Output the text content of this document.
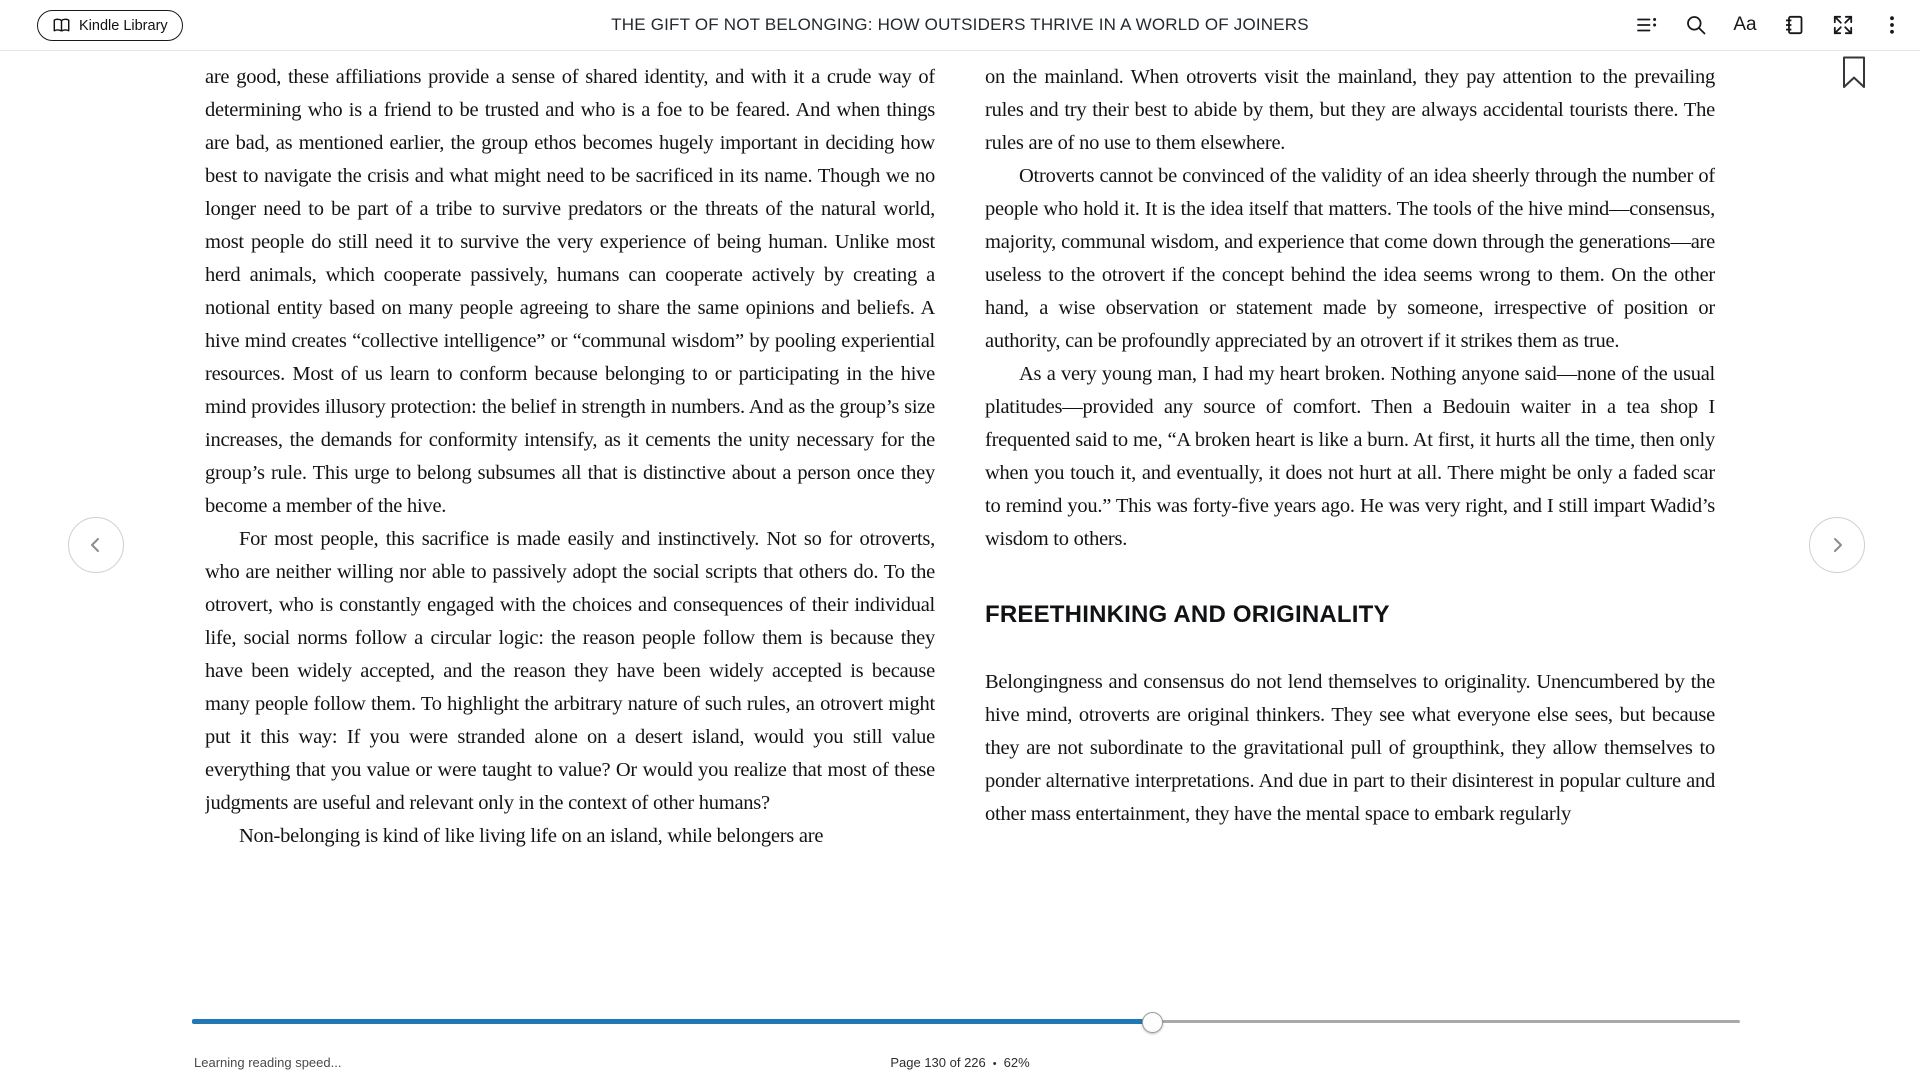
Kindle Library	THE GIFT OF NOT BELONGING: HOW OUTSIDERS THRIVE IN A WORLD OF JOINERS	Aa

are good, these affiliations provide a sense of shared identity, and with it a crude way of determining who is a friend to be trusted and who is a foe to be feared. And when things are bad, as mentioned earlier, the group ethos becomes hugely important in deciding how best to navigate the crisis and what might need to be sacrificed in its name. Though we no longer need to be part of a tribe to survive predators or the threats of the natural world, most people do still need it to survive the very experience of being human. Unlike most herd animals, which cooperate passively, humans can cooperate actively by creating a notional entity based on many people agreeing to share the same opinions and beliefs. A hive mind creates “collective intelligence” or “communal wisdom” by pooling experiential resources. Most of us learn to conform because belonging to or participating in the hive mind provides illusory protection: the belief in strength in numbers. And as the group’s size increases, the demands for conformity intensify, as it cements the unity necessary for the group’s rule. This urge to belong subsumes all that is distinctive about a person once they become a member of the hive.

For most people, this sacrifice is made easily and instinctively. Not so for otroverts, who are neither willing nor able to passively adopt the social scripts that others do. To the otrovert, who is constantly engaged with the choices and consequences of their individual life, social norms follow a circular logic: the reason people follow them is because they have been widely accepted, and the reason they have been widely accepted is because many people follow them. To highlight the arbitrary nature of such rules, an otrovert might put it this way: If you were stranded alone on a desert island, would you still value everything that you value or were taught to value? Or would you realize that most of these judgments are useful and relevant only in the context of other humans?

Non-belonging is kind of like living life on an island, while belongers are

on the mainland. When otroverts visit the mainland, they pay attention to the prevailing rules and try their best to abide by them, but they are always accidental tourists there. The rules are of no use to them elsewhere.

Otroverts cannot be convinced of the validity of an idea sheerly through the number of people who hold it. It is the idea itself that matters. The tools of the hive mind—consensus, majority, communal wisdom, and experience that come down through the generations—are useless to the otrovert if the concept behind the idea seems wrong to them. On the other hand, a wise observation or statement made by someone, irrespective of position or authority, can be profoundly appreciated by an otrovert if it strikes them as true.

As a very young man, I had my heart broken. Nothing anyone said—none of the usual platitudes—provided any source of comfort. Then a Bedouin waiter in a tea shop I frequented said to me, “A broken heart is like a burn. At first, it hurts all the time, then only when you touch it, and eventually, it does not hurt at all. There might be only a faded scar to remind you.” This was forty-five years ago. He was very right, and I still impart Wadid’s wisdom to others.

FREETHINKING AND ORIGINALITY

Belongingness and consensus do not lend themselves to originality. Unencumbered by the hive mind, otroverts are original thinkers. They see what everyone else sees, but because they are not subordinate to the gravitational pull of groupthink, they allow themselves to ponder alternative interpretations. And due in part to their disinterest in popular culture and other mass entertainment, they have the mental space to embark regularly

Learning reading speed...	Page 130 of 226 • 62%
